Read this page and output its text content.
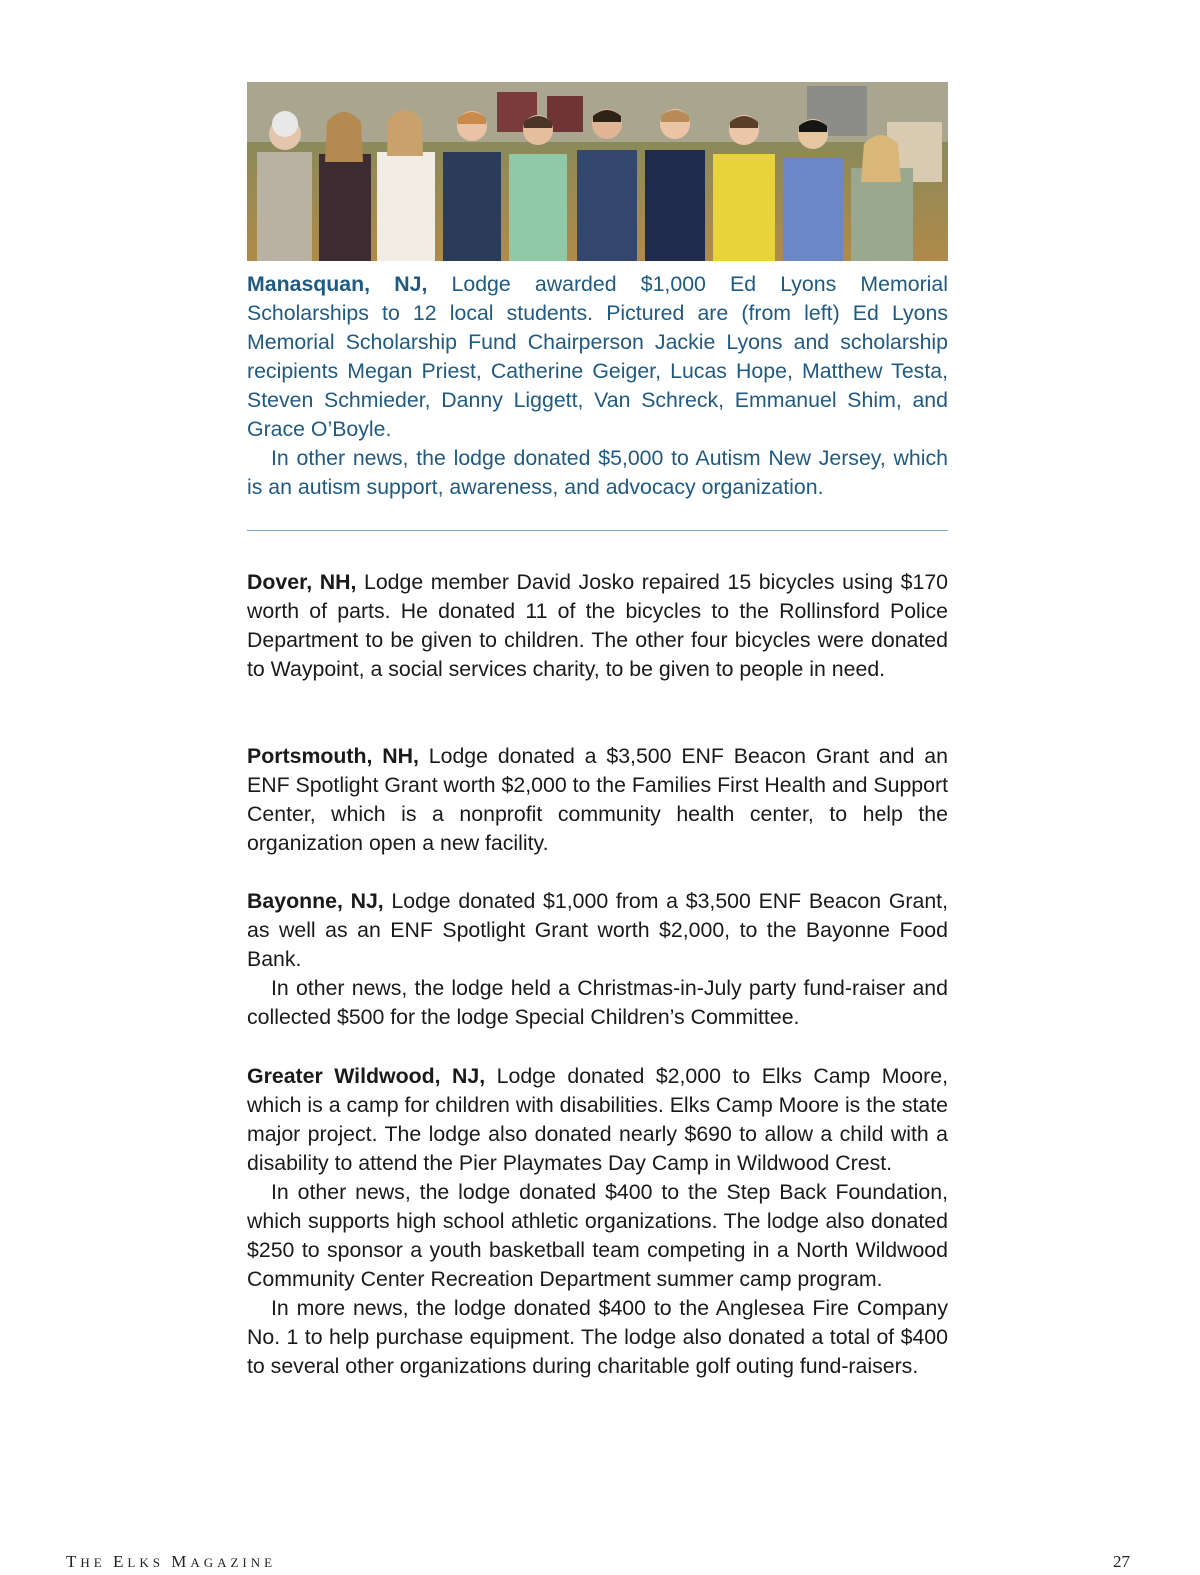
Manasquan, NJ, Lodge awarded $1,000 Ed Lyons Memorial Scholarships to 12 local students. Pictured are (from left) Ed Lyons Memorial Scholarship Fund Chairperson Jackie Lyons and scholarship recipients Megan Priest, Catherine Geiger, Lucas Hope, Matthew Testa, Steven Schmieder, Danny Liggett, Van Schreck, Emmanuel Shim, and Grace O’Boyle.

In other news, the lodge donated $5,000 to Autism New Jersey, which is an autism support, awareness, and advocacy organization.

Dover, NH, Lodge member David Josko repaired 15 bicycles using $170 worth of parts. He donated 11 of the bicycles to the Rollinsford Police Department to be given to children. The other four bicycles were donated to Waypoint, a social services charity, to be given to people in need.

Portsmouth, NH, Lodge donated a $3,500 ENF Beacon Grant and an ENF Spotlight Grant worth $2,000 to the Families First Health and Support Center, which is a nonprofit community health center, to help the organization open a new facility.

Bayonne, NJ, Lodge donated $1,000 from a $3,500 ENF Beacon Grant, as well as an ENF Spotlight Grant worth $2,000, to the Bayonne Food Bank.

In other news, the lodge held a Christmas-in-July party fund-raiser and collected $500 for the lodge Special Children’s Committee.

Greater Wildwood, NJ, Lodge donated $2,000 to Elks Camp Moore, which is a camp for children with disabilities. Elks Camp Moore is the state major project. The lodge also donated nearly $690 to allow a child with a disability to attend the Pier Playmates Day Camp in Wildwood Crest.

In other news, the lodge donated $400 to the Step Back Foundation, which supports high school athletic organizations. The lodge also donated $250 to sponsor a youth basketball team competing in a North Wildwood Community Center Recreation Department summer camp program.

In more news, the lodge donated $400 to the Anglesea Fire Company No. 1 to help purchase equipment. The lodge also donated a total of $400 to several other organizations during charitable golf outing fund-raisers.

THE ELKS MAGAZINE	27
